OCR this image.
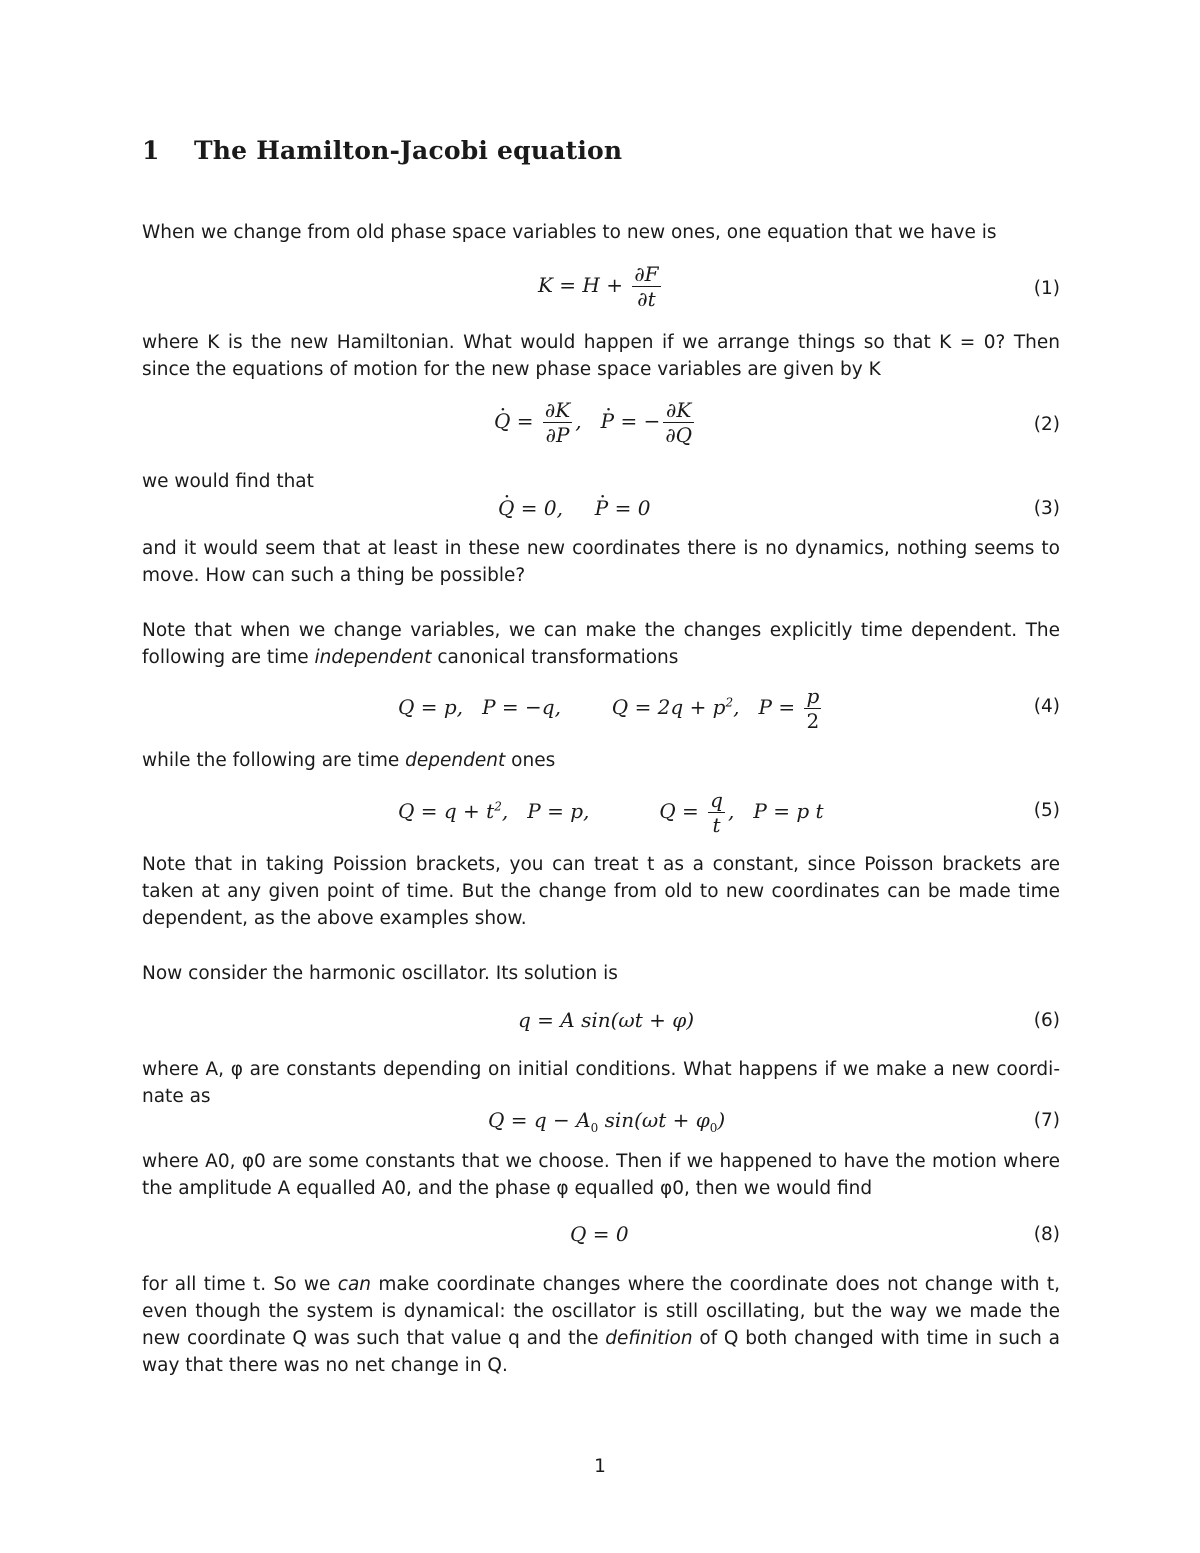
1 The Hamilton-Jacobi equation

When we change from old phase space variables to new ones, one equation that we have is

$K = H + \frac{\partial F}{\partial t}$	(1)

where K is the new Hamiltonian. What would happen if we arrange things so that K = 0? Then
since the equations of motion for the new phase space variables are given by K

· $Q = \frac{\partial K}{\partial P}$ ,   · P = − $\frac{\partial K}{\partial Q}$	(2)

we would find that

· Q = 0,     · P = 0	(3)

and it would seem that at least in these new coordinates there is no dynamics, nothing seems to
move. How can such a thing be possible?

Note that when we change variables, we can make the changes explicitly time dependent. The
following are time independent canonical transformations

Q = p,   P = −q,        $Q = 2q + p^2$,   $P = \frac{p}{2}$	(4)

while the following are time dependent ones

$Q = q + t^2$,   P = p,           $Q = \frac{q}{t}$ ,   P = p t	(5)

Note that in taking Poission brackets, you can treat t as a constant, since Poisson brackets are
taken at any given point of time. But the change from old to new coordinates can be made time
dependent, as the above examples show.

Now consider the harmonic oscillator. Its solution is

q = A sin(ωt + φ)	(6)

where A, φ are constants depending on initial conditions. What happens if we make a new coordi-
nate as

$Q = q - A_0$ $\sin(\omega t + \varphi_0)$	(7)

where A0, φ0 are some constants that we choose. Then if we happened to have the motion where
the amplitude A equalled A0, and the phase φ equalled φ0, then we would find

Q = 0	(8)

for all time t. So we can make coordinate changes where the coordinate does not change with t,
even though the system is dynamical: the oscillator is still oscillating, but the way we made the
new coordinate Q was such that value q and the definition of Q both changed with time in such a
way that there was no net change in Q.

1
